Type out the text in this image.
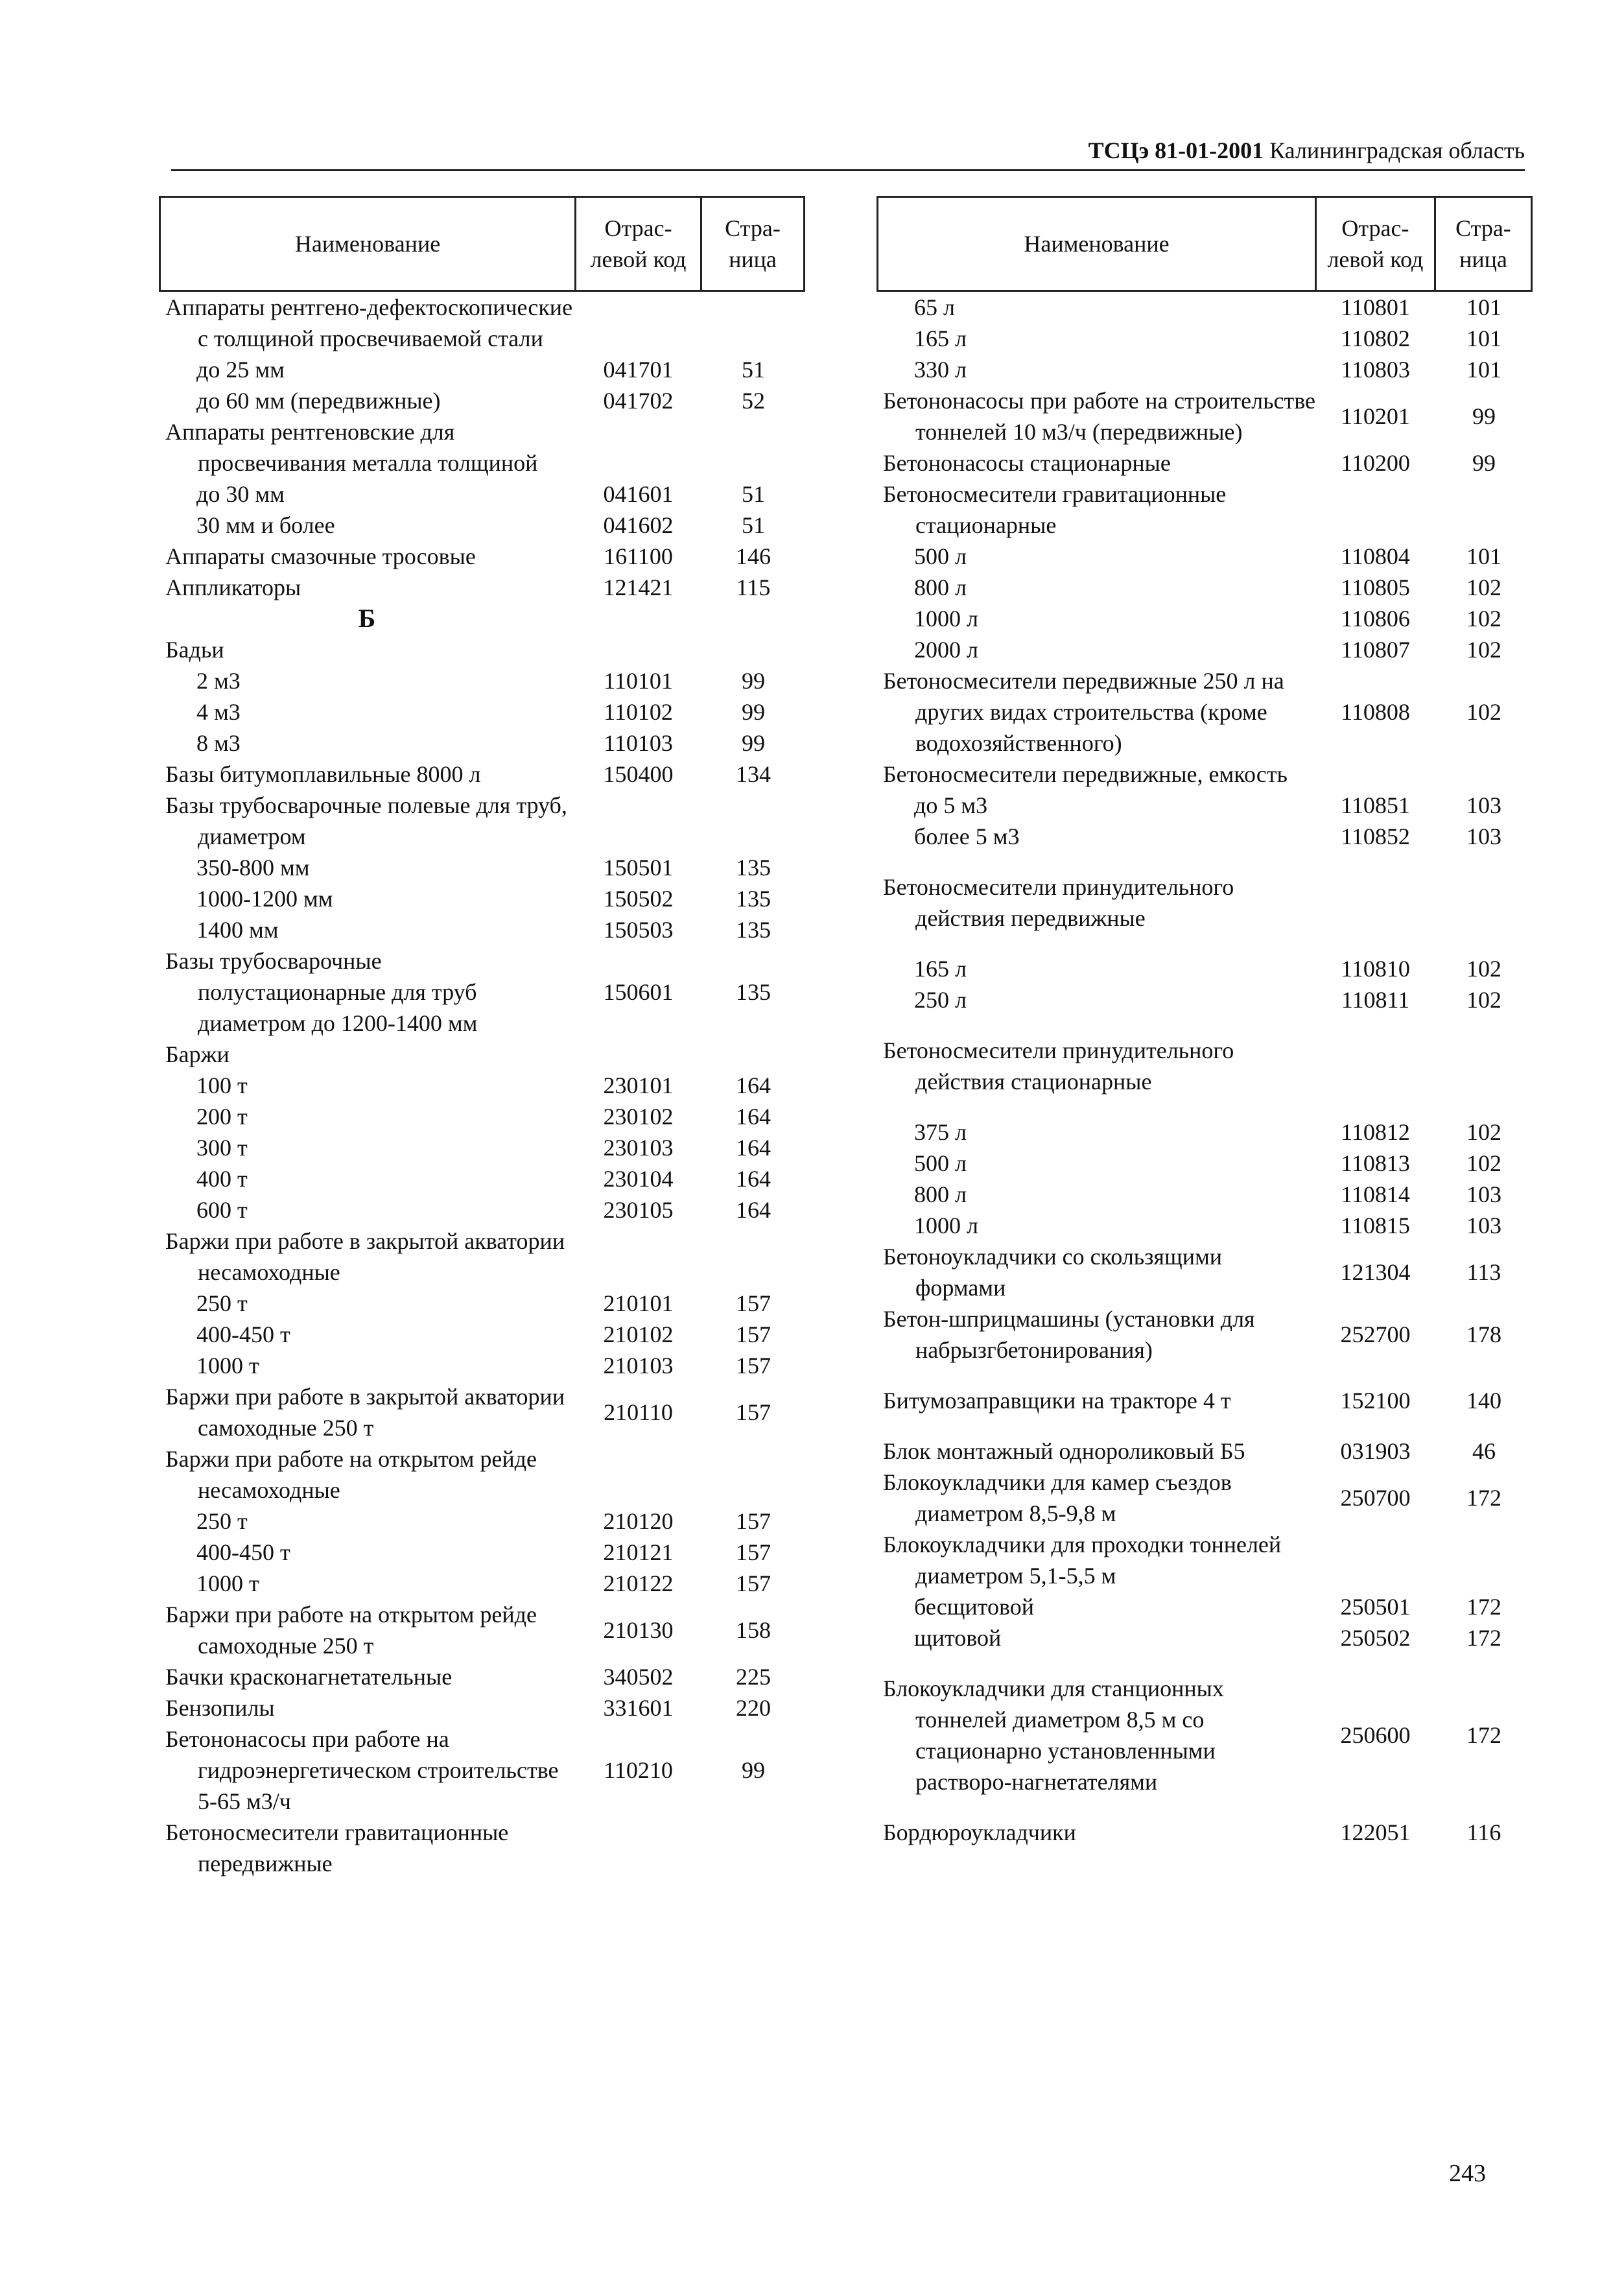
ТСЦэ 81-01-2001 Калининградская область
Наименование
Отрас-левой код
Стра-ница
Аппараты рентгено-дефектоскопические с толщиной просвечиваемой стали
до 25 мм	041701	51
до 60 мм (передвижные)	041702	52
Аппараты рентгеновские для просвечивания металла толщиной
до 30 мм	041601	51
30 мм и более	041602	51
Аппараты смазочные тросовые	161100	146
Аппликаторы	121421	115
Б
Бадьи
2 м3	110101	99
4 м3	110102	99
8 м3	110103	99
Базы битумоплавильные 8000 л	150400	134
Базы трубосварочные полевые для труб, диаметром
350-800 мм	150501	135
1000-1200 мм	150502	135
1400 мм	150503	135
Базы трубосварочные полустационарные для труб диаметром до 1200-1400 мм
150601	135
Баржи
100 т	230101	164
200 т	230102	164
300 т	230103	164
400 т	230104	164
600 т	230105	164
Баржи при работе в закрытой акватории несамоходные
250 т	210101	157
400-450 т	210102	157
1000 т	210103	157
Баржи при работе в закрытой акватории самоходные 250 т
210110	157
Баржи при работе на открытом рейде несамоходные
250 т	210120	157
400-450 т	210121	157
1000 т	210122	157
Баржи при работе на открытом рейде самоходные 250 т
210130	158
Бачки красконагнетательные	340502	225
Бензопилы	331601	220
Бетононасосы при работе на гидроэнергетическом строительстве 5-65 м3/ч
110210	99
Бетоносмесители гравитационные передвижные
Наименование
Отрас-левой код
Стра-ница
65 л	110801	101
165 л	110802	101
330 л	110803	101
Бетононасосы при работе на строительстве тоннелей 10 м3/ч (передвижные)
110201	99
Бетононасосы стационарные	110200	99
Бетоносмесители гравитационные стационарные
500 л	110804	101
800 л	110805	102
1000 л	110806	102
2000 л	110807	102
Бетоносмесители передвижные 250 л на других видах строительства (кроме водохозяйственного)
110808	102
Бетоносмесители передвижные, емкость
до 5 м3	110851	103
более 5 м3	110852	103
Бетоносмесители принудительного действия передвижные
165 л	110810	102
250 л	110811	102
Бетоносмесители принудительного действия стационарные
375 л	110812	102
500 л	110813	102
800 л	110814	103
1000 л	110815	103
Бетоноукладчики со скользящими формами
121304	113
Бетон-шприцмашины (установки для набрызгбетонирования)
252700	178
Битумозаправщики на тракторе 4 т	152100	140
Блок монтажный однороликовый Б5	031903	46
Блокоукладчики для камер съездов диаметром 8,5-9,8 м
250700	172
Блокоукладчики для проходки тоннелей диаметром 5,1-5,5 м
бесщитовой	250501	172
щитовой	250502	172
Блокоукладчики для станционных тоннелей диаметром 8,5 м со стационарно установленными растворо-нагнетателями
250600	172
Бордюроукладчики	122051	116
243
